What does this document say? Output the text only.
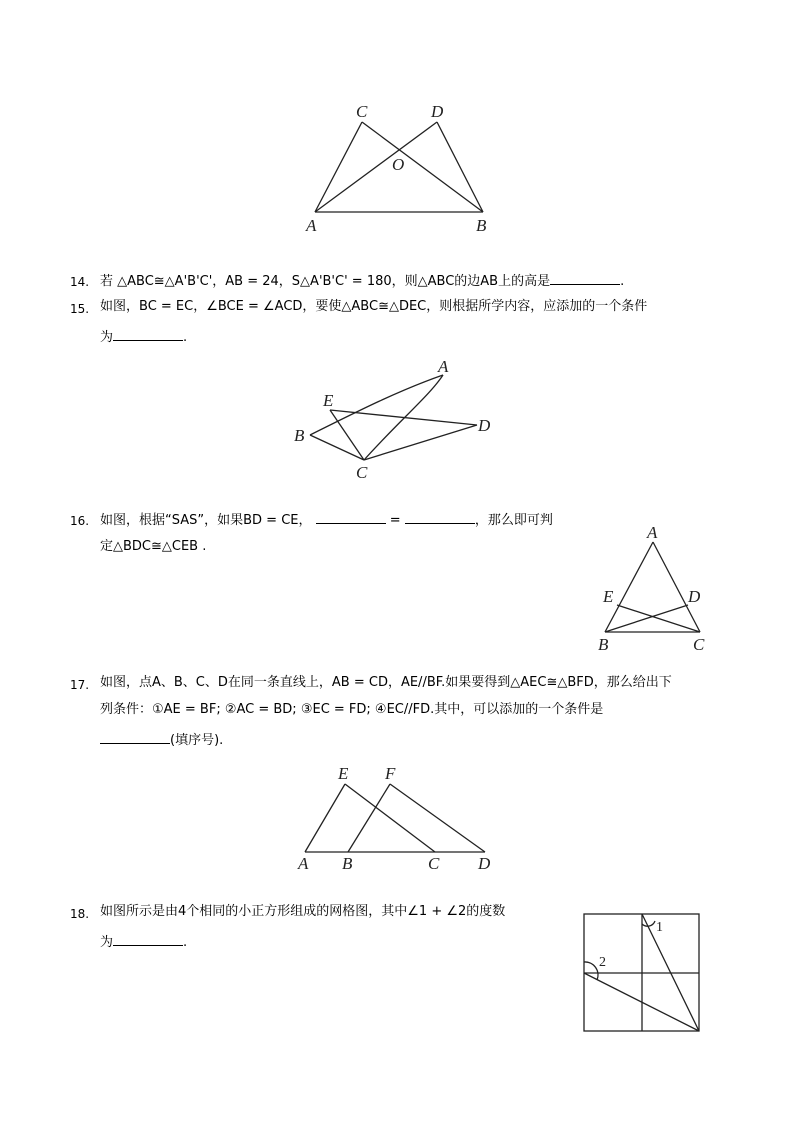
C	D
O
A	B
A
E
B
D
C
A
E	D
B	C
E F
A B	C D
1
2
14. 若 △ABC≅△A'B'C'，AB = 24，S△A'B'C' = 180，则△ABC的边AB上的高是	.
15. 如图，BC = EC，∠BCE = ∠ACD，要使△ABC≅△DEC，则根据所学内容，应添加的一个条件
为	.
16. 如图，根据“SAS”，如果BD = CE，	=	，那么即可判
定△BDC≅△CEB .
17. 如图，点A、B、C、D在同一条直线上，AB = CD，AE//BF.如果要得到△AEC≅△BFD，那么给出下
列条件：①AE = BF; ②AC = BD; ③EC = FD; ④EC//FD.其中，可以添加的一个条件是
(填序号).
18. 如图所示是由4个相同的小正方形组成的网格图，其中∠1 + ∠2的度数
为	.
